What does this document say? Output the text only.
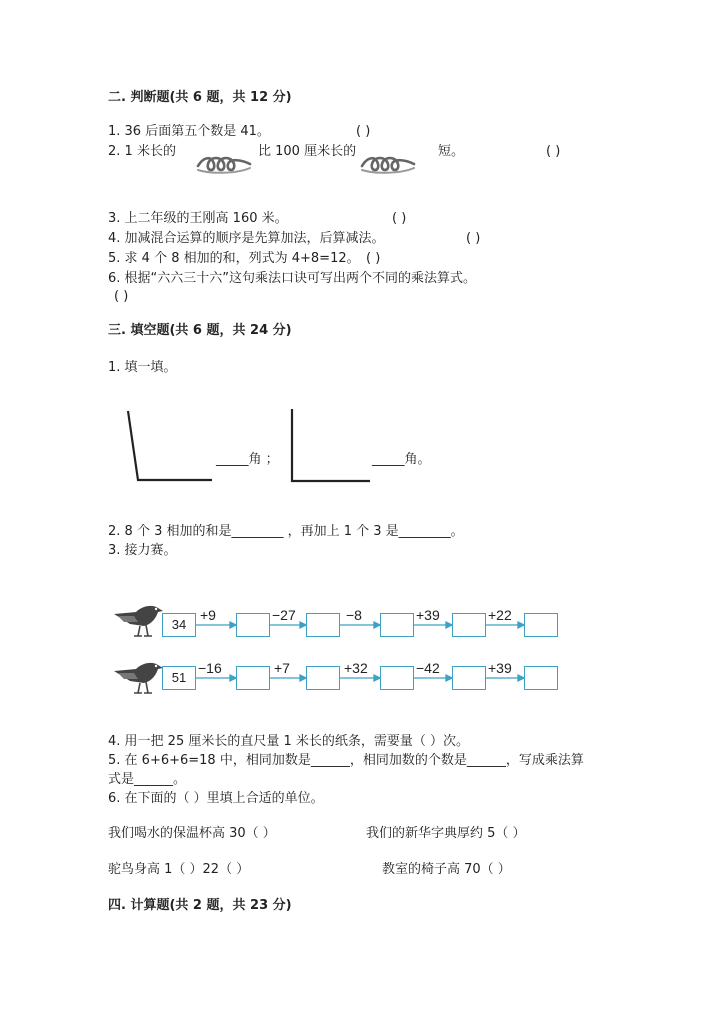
二. 判断题(共 6 题，共 12 分)
1. 36 后面第五个数是 41。	( )
2. 1 米长的	比 100 厘米长的	短。	( )
3. 上二年级的王刚高 160 米。	( )
4. 加减混合运算的顺序是先算加法，后算减法。	( )
5. 求 4 个 8 相加的和，列式为 4+8=12。 ( )
6. 根据“六六三十六”这句乘法口诀可写出两个不同的乘法算式。
( )
三. 填空题(共 6 题，共 24 分)
1. 填一填。
_____角 ；	_____角。
2. 8 个 3 相加的和是________ ，再加上 1 个 3 是________。
3. 接力赛。
34
+9	−27	−8	+39	+22
51
−16	+7	+32	−42	+39
4. 用一把 25 厘米长的直尺量 1 米长的纸条，需要量（ ）次。
5. 在 6+6+6=18 中，相同加数是______，相同加数的个数是______，写成乘法算
式是______。
6. 在下面的（ ）里填上合适的单位。
我们喝水的保温杯高 30（ ）	我们的新华字典厚约 5（ ）
驼鸟身高 1（ ）22（ ）	教室的椅子高 70（ ）
四. 计算题(共 2 题，共 23 分)
